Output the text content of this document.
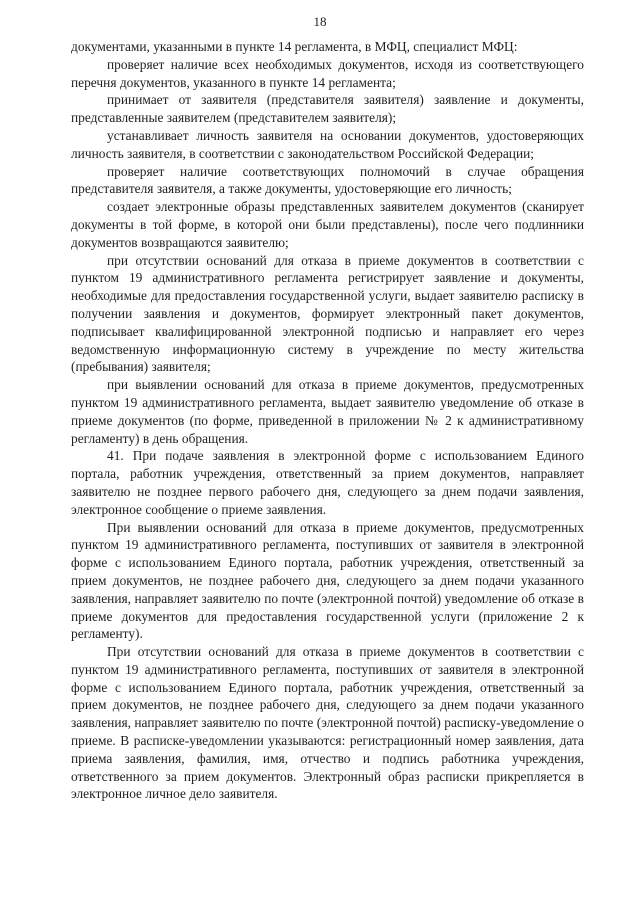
18

документами, указанными в пункте 14 регламента, в МФЦ, специалист МФЦ:

проверяет наличие всех необходимых документов, исходя из соответствующего перечня документов, указанного в пункте 14 регламента;

принимает от заявителя (представителя заявителя) заявление и документы, представленные заявителем (представителем заявителя);

устанавливает личность заявителя на основании документов, удостоверяющих личность заявителя, в соответствии с законодательством Российской Федерации;

проверяет наличие соответствующих полномочий в случае обращения представителя заявителя, а также документы, удостоверяющие его личность;

создает электронные образы представленных заявителем документов (сканирует документы в той форме, в которой они были представлены), после чего подлинники документов возвращаются заявителю;

при отсутствии оснований для отказа в приеме документов в соответствии с пунктом 19 административного регламента регистрирует заявление и документы, необходимые для предоставления государственной услуги, выдает заявителю расписку в получении заявления и документов, формирует электронный пакет документов, подписывает квалифицированной электронной подписью и направляет его через ведомственную информационную систему в учреждение по месту жительства (пребывания) заявителя;

при выявлении оснований для отказа в приеме документов, предусмотренных пунктом 19 административного регламента, выдает заявителю уведомление об отказе в приеме документов (по форме, приведенной в приложении № 2 к административному регламенту) в день обращения.

41. При подаче заявления в электронной форме с использованием Единого портала, работник учреждения, ответственный за прием документов, направляет заявителю не позднее первого рабочего дня, следующего за днем подачи заявления, электронное сообщение о приеме заявления.

При выявлении оснований для отказа в приеме документов, предусмотренных пунктом 19 административного регламента, поступивших от заявителя в электронной форме с использованием Единого портала, работник учреждения, ответственный за прием документов, не позднее рабочего дня, следующего за днем подачи указанного заявления, направляет заявителю по почте (электронной почтой) уведомление об отказе в приеме документов для предоставления государственной услуги (приложение 2 к регламенту).

При отсутствии оснований для отказа в приеме документов в соответствии с пунктом 19 административного регламента, поступивших от заявителя в электронной форме с использованием Единого портала, работник учреждения, ответственный за прием документов, не позднее рабочего дня, следующего за днем подачи указанного заявления, направляет заявителю по почте (электронной почтой) расписку-уведомление о приеме. В расписке-уведомлении указываются: регистрационный номер заявления, дата приема заявления, фамилия, имя, отчество и подпись работника учреждения, ответственного за прием документов. Электронный образ расписки прикрепляется в электронное личное дело заявителя.
